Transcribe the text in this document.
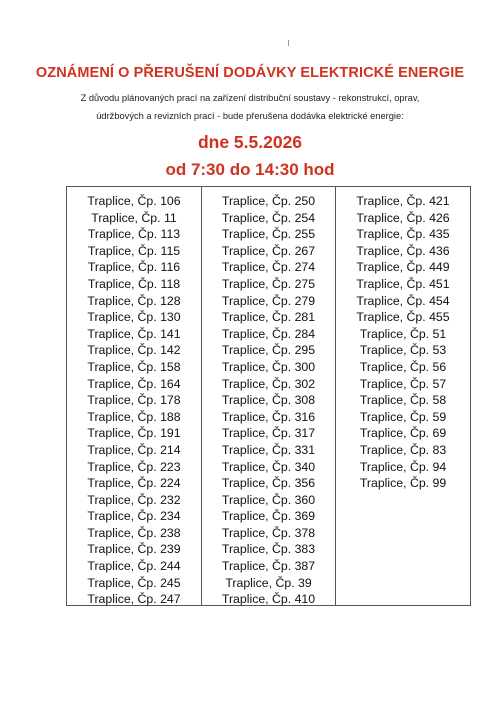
OZNÁMENÍ O PŘERUŠENÍ DODÁVKY ELEKTRICKÉ ENERGIE
Z důvodu plánovaných prací na zařízení distribuční soustavy - rekonstrukcí, oprav,
údržbových a revizních prací - bude přerušena dodávka elektrické energie:
dne 5.5.2026
od 7:30 do 14:30 hod
Traplice, Čp. 106
Traplice, Čp. 11
Traplice, Čp. 113
Traplice, Čp. 115
Traplice, Čp. 116
Traplice, Čp. 118
Traplice, Čp. 128
Traplice, Čp. 130
Traplice, Čp. 141
Traplice, Čp. 142
Traplice, Čp. 158
Traplice, Čp. 164
Traplice, Čp. 178
Traplice, Čp. 188
Traplice, Čp. 191
Traplice, Čp. 214
Traplice, Čp. 223
Traplice, Čp. 224
Traplice, Čp. 232
Traplice, Čp. 234
Traplice, Čp. 238
Traplice, Čp. 239
Traplice, Čp. 244
Traplice, Čp. 245
Traplice, Čp. 247
Traplice, Čp. 250
Traplice, Čp. 254
Traplice, Čp. 255
Traplice, Čp. 267
Traplice, Čp. 274
Traplice, Čp. 275
Traplice, Čp. 279
Traplice, Čp. 281
Traplice, Čp. 284
Traplice, Čp. 295
Traplice, Čp. 300
Traplice, Čp. 302
Traplice, Čp. 308
Traplice, Čp. 316
Traplice, Čp. 317
Traplice, Čp. 331
Traplice, Čp. 340
Traplice, Čp. 356
Traplice, Čp. 360
Traplice, Čp. 369
Traplice, Čp. 378
Traplice, Čp. 383
Traplice, Čp. 387
Traplice, Čp. 39
Traplice, Čp. 410
Traplice, Čp. 421
Traplice, Čp. 426
Traplice, Čp. 435
Traplice, Čp. 436
Traplice, Čp. 449
Traplice, Čp. 451
Traplice, Čp. 454
Traplice, Čp. 455
Traplice, Čp. 51
Traplice, Čp. 53
Traplice, Čp. 56
Traplice, Čp. 57
Traplice, Čp. 58
Traplice, Čp. 59
Traplice, Čp. 69
Traplice, Čp. 83
Traplice, Čp. 94
Traplice, Čp. 99
